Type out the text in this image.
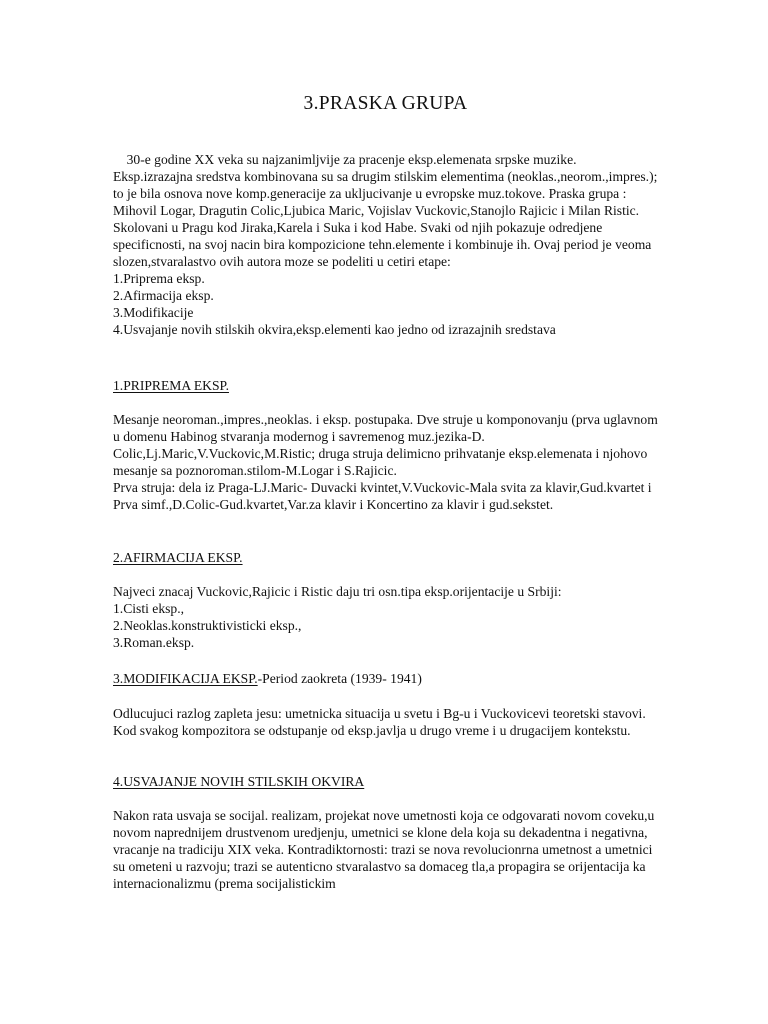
3.PRASKA GRUPA

30-e godine XX veka su najzanimljvije za pracenje eksp.elemenata srpske muzike. Eksp.izrazajna sredstva kombinovana su sa drugim stilskim elementima (neoklas.,neorom.,impres.); to je bila osnova nove komp.generacije za ukljucivanje u evropske muz.tokove. Praska grupa : Mihovil Logar, Dragutin Colic,Ljubica Maric, Vojislav Vuckovic,Stanojlo Rajicic i Milan Ristic. Skolovani u Pragu kod Jiraka,Karela i Suka i kod Habe. Svaki od njih pokazuje odredjene specificnosti, na svoj nacin bira kompozicione tehn.elemente i kombinuje ih. Ovaj period je veoma slozen,stvaralastvo ovih autora moze se podeliti u cetiri etape:

1.Priprema eksp.
2.Afirmacija eksp.
3.Modifikacije
4.Usvajanje novih stilskih okvira,eksp.elementi kao jedno od izrazajnih sredstava
1.PRIPREMA EKSP.

Mesanje neoroman.,impres.,neoklas. i eksp. postupaka. Dve struje u komponovanju (prva uglavnom u domenu Habinog stvaranja modernog i savremenog muz.jezika-D. Colic,Lj.Maric,V.Vuckovic,M.Ristic; druga struja delimicno prihvatanje eksp.elemenata i njohovo mesanje sa poznoroman.stilom-M.Logar i S.Rajicic.

Prva struja: dela iz Praga-LJ.Maric- Duvacki kvintet,V.Vuckovic-Mala svita za klavir,Gud.kvartet i Prva simf.,D.Colic-Gud.kvartet,Var.za klavir i Koncertino za klavir i gud.sekstet.

2.AFIRMACIJA EKSP.

Najveci znacaj Vuckovic,Rajicic i Ristic daju tri osn.tipa eksp.orijentacije u Srbiji:

1.Cisti eksp.,
2.Neoklas.konstruktivisticki eksp.,
3.Roman.eksp.
3.MODIFIKACIJA EKSP.-Period zaokreta (1939- 1941)

Odlucujuci razlog zapleta jesu: umetnicka situacija u svetu i Bg-u i Vuckovicevi teoretski stavovi. Kod svakog kompozitora se odstupanje od eksp.javlja u drugo vreme i u drugacijem kontekstu.

4.USVAJANJE NOVIH STILSKIH OKVIRA

Nakon rata usvaja se socijal. realizam, projekat nove umetnosti koja ce odgovarati novom coveku,u novom naprednijem drustvenom uredjenju, umetnici se klone dela koja su dekadentna i negativna, vracanje na tradiciju XIX veka. Kontradiktornosti: trazi se nova revolucionrna umetnost a umetnici su ometeni u razvoju; trazi se autenticno stvaralastvo sa domaceg tla,a propagira se orijentacija ka internacionalizmu (prema socijalistickim
